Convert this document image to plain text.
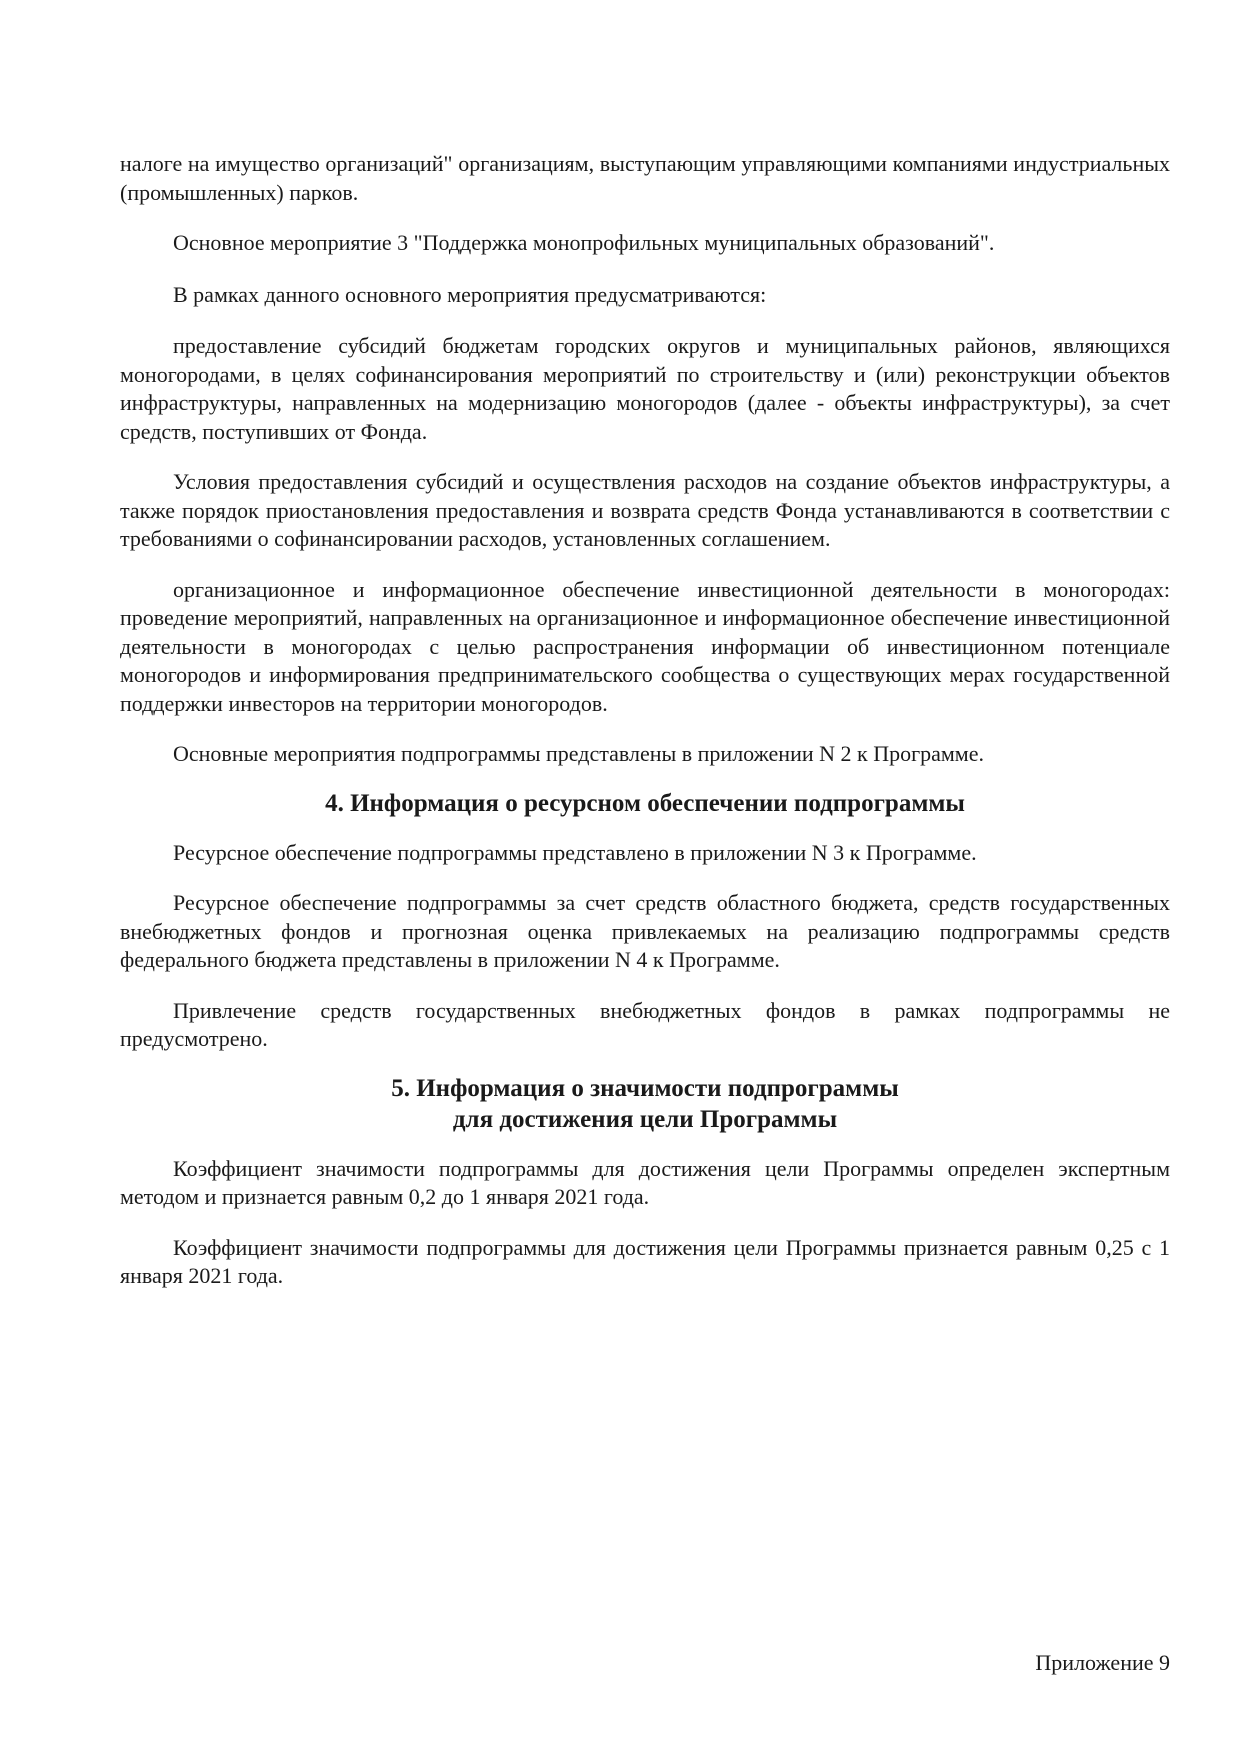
налоге на имущество организаций" организациям, выступающим управляющими компаниями индустриальных (промышленных) парков.

Основное мероприятие 3 "Поддержка монопрофильных муниципальных образований".

В рамках данного основного мероприятия предусматриваются:

предоставление субсидий бюджетам городских округов и муниципальных районов, являющихся моногородами, в целях софинансирования мероприятий по строительству и (или) реконструкции объектов инфраструктуры, направленных на модернизацию моногородов (далее - объекты инфраструктуры), за счет средств, поступивших от Фонда.

Условия предоставления субсидий и осуществления расходов на создание объектов инфраструктуры, а также порядок приостановления предоставления и возврата средств Фонда устанавливаются в соответствии с требованиями о софинансировании расходов, установленных соглашением.

организационное и информационное обеспечение инвестиционной деятельности в моногородах: проведение мероприятий, направленных на организационное и информационное обеспечение инвестиционной деятельности в моногородах с целью распространения информации об инвестиционном потенциале моногородов и информирования предпринимательского сообщества о существующих мерах государственной поддержки инвесторов на территории моногородов.

Основные мероприятия подпрограммы представлены в приложении N 2 к Программе.

4. Информация о ресурсном обеспечении подпрограммы

Ресурсное обеспечение подпрограммы представлено в приложении N 3 к Программе.

Ресурсное обеспечение подпрограммы за счет средств областного бюджета, средств государственных внебюджетных фондов и прогнозная оценка привлекаемых на реализацию подпрограммы средств федерального бюджета представлены в приложении N 4 к Программе.

Привлечение средств государственных внебюджетных фондов в рамках подпрограммы не предусмотрено.

5. Информация о значимости подпрограммы
для достижения цели Программы

Коэффициент значимости подпрограммы для достижения цели Программы определен экспертным методом и признается равным 0,2 до 1 января 2021 года.

Коэффициент значимости подпрограммы для достижения цели Программы признается равным 0,25 с 1 января 2021 года.

Приложение 9
